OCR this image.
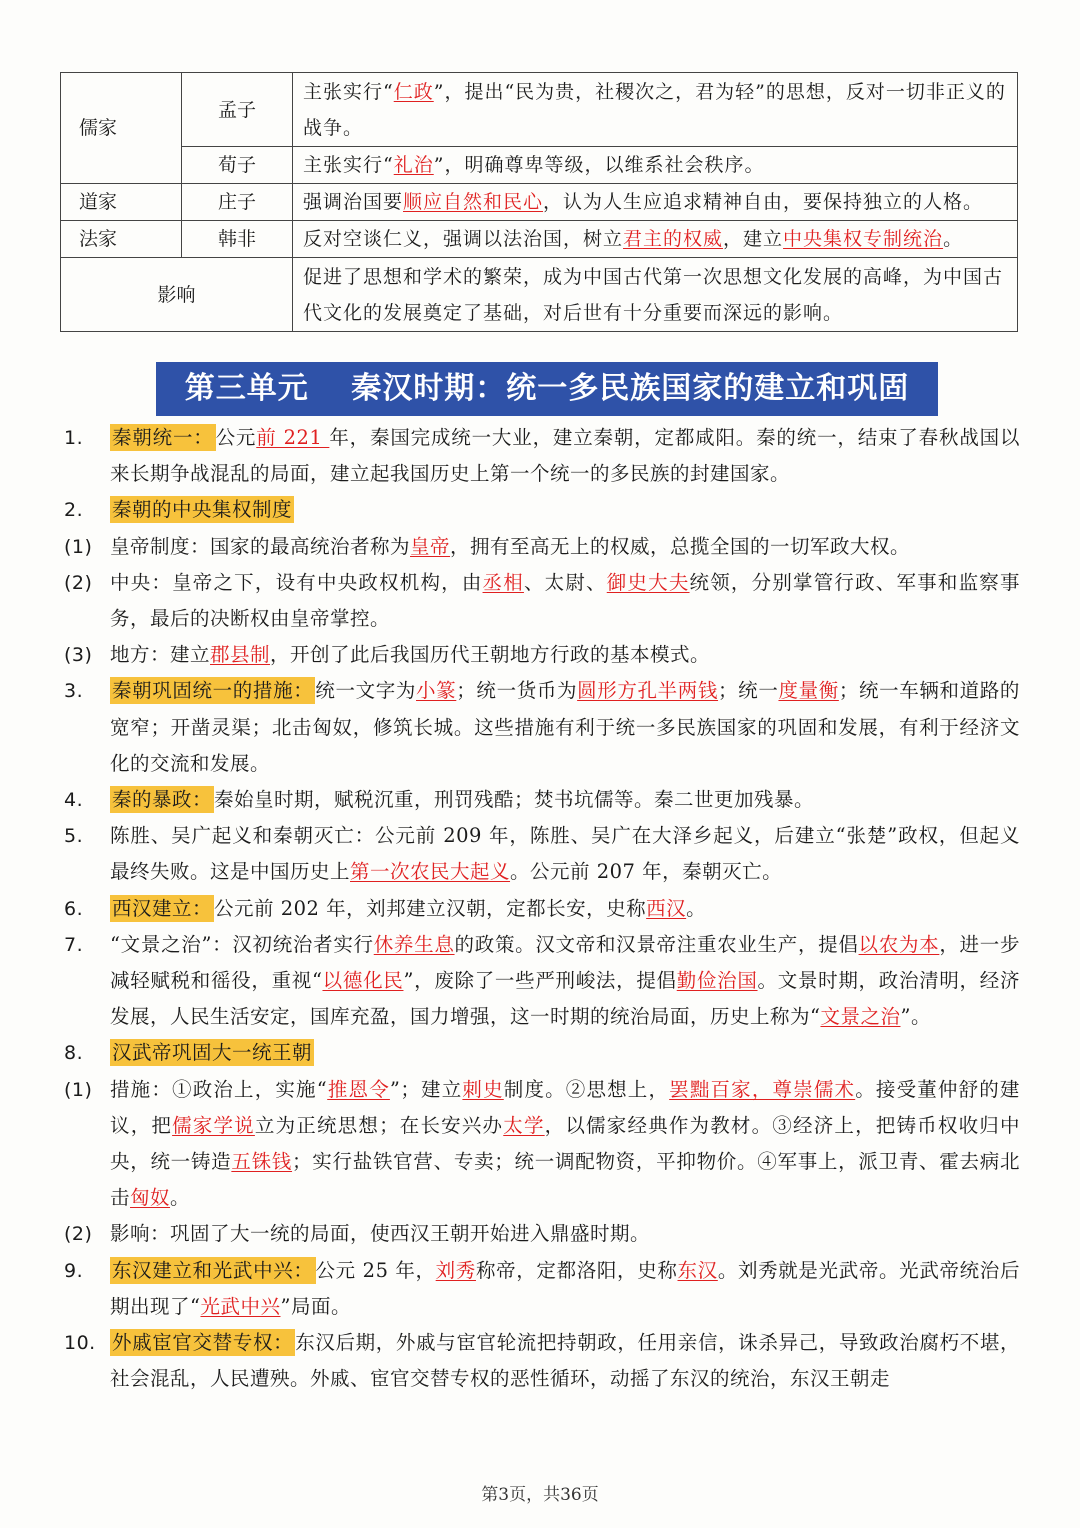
儒家	孟子	主张实行“仁政”，提出“民为贵，社稷次之，君为轻”的思想，反对一切非正义的战争。
	荀子	主张实行“礼治”，明确尊卑等级，以维系社会秩序。
道家	庄子	强调治国要顺应自然和民心，认为人生应追求精神自由，要保持独立的人格。
法家	韩非	反对空谈仁义，强调以法治国，树立君主的权威，建立中央集权专制统治。
影响		促进了思想和学术的繁荣，成为中国古代第一次思想文化发展的高峰，为中国古代文化的发展奠定了基础，对后世有十分重要而深远的影响。
第三单元　 秦汉时期：统一多民族国家的建立和巩固
1.	秦朝统一： 公元前 221 年，秦国完成统一大业，建立秦朝，定都咸阳。秦的统一，结束了春秋战国以来长期争战混乱的局面，建立起我国历史上第一个统一的多民族的封建国家。
2.	秦朝的中央集权制度
(1) 皇帝制度：国家的最高统治者称为皇帝，拥有至高无上的权威，总揽全国的一切军政大权。
(2) 中央：皇帝之下，设有中央政权机构，由丞相、太尉、御史大夫统领，分别掌管行政、军事和监察事务，最后的决断权由皇帝掌控。
(3) 地方：建立郡县制，开创了此后我国历代王朝地方行政的基本模式。
3.	秦朝巩固统一的措施： 统一文字为小篆；统一货币为圆形方孔半两钱；统一度量衡；统一车辆和道路的宽窄；开凿灵渠；北击匈奴，修筑长城。这些措施有利于统一多民族国家的巩固和发展，有利于经济文化的交流和发展。
4.	秦的暴政： 秦始皇时期，赋税沉重，刑罚残酷；焚书坑儒等。秦二世更加残暴。
5.	陈胜、吴广起义和秦朝灭亡：公元前 209 年，陈胜、吴广在大泽乡起义，后建立“张楚”政权，但起义最终失败。这是中国历史上第一次农民大起义。公元前 207 年，秦朝灭亡。
6.	西汉建立： 公元前 202 年，刘邦建立汉朝，定都长安，史称西汉。
7.	“文景之治”：汉初统治者实行休养生息的政策。汉文帝和汉景帝注重农业生产，提倡以农为本，进一步减轻赋税和徭役，重视“以德化民”，废除了一些严刑峻法，提倡勤俭治国。文景时期，政治清明，经济发展，人民生活安定，国库充盈，国力增强，这一时期的统治局面，历史上称为“文景之治”。
8.	汉武帝巩固大一统王朝
(1) 措施：①政治上，实施“推恩令”；建立刺史制度。②思想上，罢黜百家，尊崇儒术。接受董仲舒的建议，把儒家学说立为正统思想；在长安兴办太学，以儒家经典作为教材。③经济上，把铸币权收归中央，统一铸造五铢钱；实行盐铁官营、专卖；统一调配物资，平抑物价。④军事上，派卫青、霍去病北击匈奴。
(2) 影响：巩固了大一统的局面，使西汉王朝开始进入鼎盛时期。
9.	东汉建立和光武中兴： 公元 25 年，刘秀称帝，定都洛阳，史称东汉。刘秀就是光武帝。光武帝统治后期出现了“光武中兴”局面。
10. 外戚宦官交替专权： 东汉后期，外戚与宦官轮流把持朝政，任用亲信，诛杀异己，导致政治腐朽不堪，社会混乱，人民遭殃。外戚、宦官交替专权的恶性循环，动摇了东汉的统治，东汉王朝走
第3页，共36页
